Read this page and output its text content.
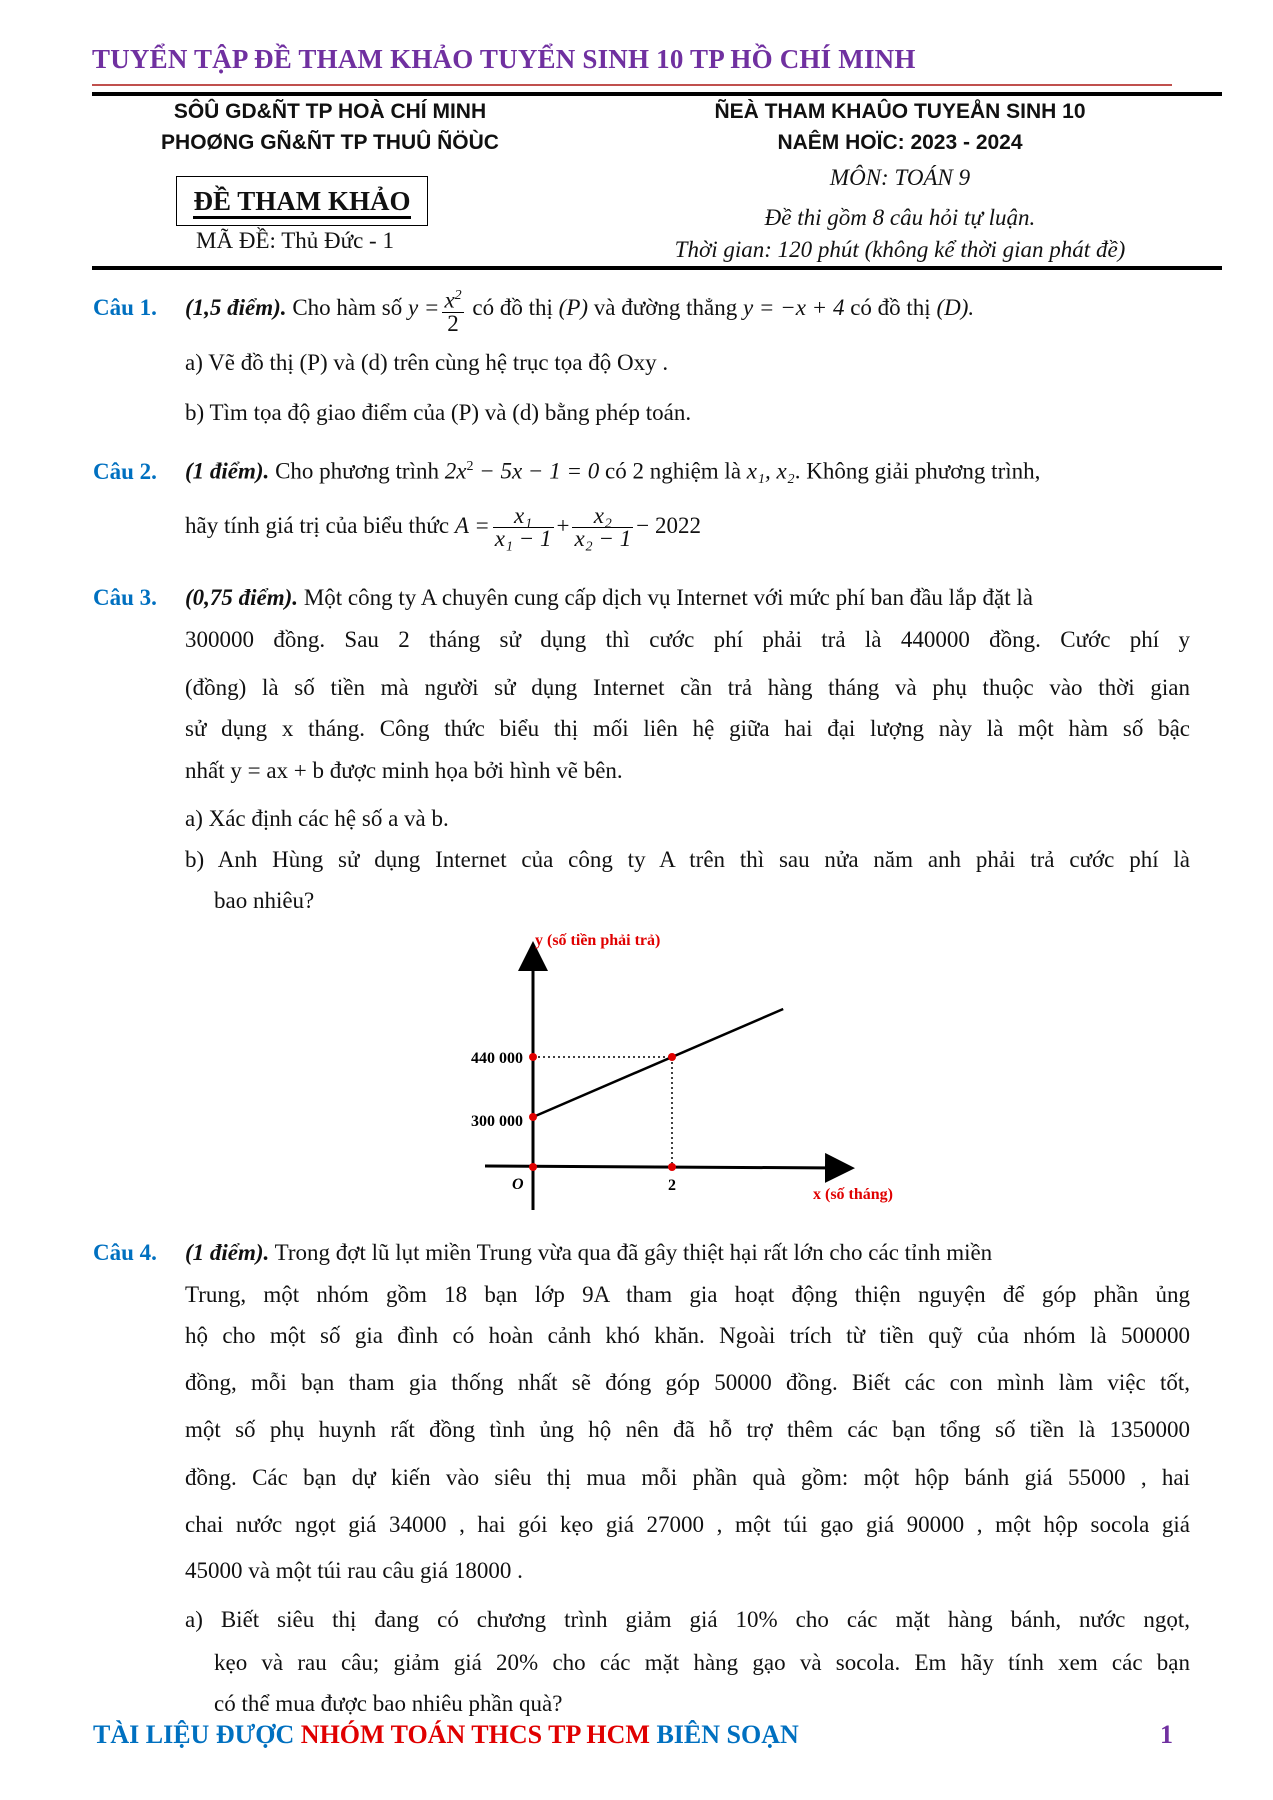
TUYỂN TẬP ĐỀ THAM KHẢO TUYỂN SINH 10 TP HỒ CHÍ MINH
SÔÛ GD&ÑT TP HOÀ CHÍ MINH
PHOØNG GÑ&ÑT TP THUÛ ÑÖÙC
ĐỀ THAM KHẢO
MÃ ĐỀ: Thủ Đức - 1
ÑEÀ THAM KHAÛO TUYEÅN SINH 10
NAÊM HOÏC: 2023 - 2024
MÔN: TOÁN 9
Đề thi gồm 8 câu hỏi tự luận.
Thời gian: 120 phút (không kể thời gian phát đề)
Câu 1. (1,5 điểm). Cho hàm số $y = \frac{x^2}{2}$ có đồ thị (P) và đường thẳng y = −x + 4 có đồ thị (D).
a) Vẽ đồ thị (P) và (d) trên cùng hệ trục tọa độ Oxy .
b) Tìm tọa độ giao điểm của (P) và (d) bằng phép toán.
Câu 2. (1 điểm). Cho phương trình $2x^2 - 5x - 1 = 0$ có 2 nghiệm là x₁, x₂. Không giải phương trình,
hãy tính giá trị của biểu thức $A = \frac{\text{x₁}}{\text{x₁ − 1}} + \frac{\text{x₂}}{\text{x₂ − 1}} - 2022$
Câu 3. (0,75 điểm). Một công ty A chuyên cung cấp dịch vụ Internet với mức phí ban đầu lắp đặt là
300000 đồng. Sau 2 tháng sử dụng thì cước phí phải trả là 440000 đồng. Cước phí y
(đồng) là số tiền mà người sử dụng Internet cần trả hàng tháng và phụ thuộc vào thời gian
sử dụng x tháng. Công thức biểu thị mối liên hệ giữa hai đại lượng này là một hàm số bậc
nhất y = ax + b được minh họa bởi hình vẽ bên.
a) Xác định các hệ số a và b.
b) Anh Hùng sử dụng Internet của công ty A trên thì sau nửa năm anh phải trả cước phí là
bao nhiêu?
y (số tiền phải trả)
x (số tháng)
O	2
300 000
440 000
Câu 4. (1 điểm). Trong đợt lũ lụt miền Trung vừa qua đã gây thiệt hại rất lớn cho các tỉnh miền
Trung, một nhóm gồm 18 bạn lớp 9A tham gia hoạt động thiện nguyện để góp phần ủng
hộ cho một số gia đình có hoàn cảnh khó khăn. Ngoài trích từ tiền quỹ của nhóm là 500000
đồng, mỗi bạn tham gia thống nhất sẽ đóng góp 50000 đồng. Biết các con mình làm việc tốt,
một số phụ huynh rất đồng tình ủng hộ nên đã hỗ trợ thêm các bạn tổng số tiền là 1350000
đồng. Các bạn dự kiến vào siêu thị mua mỗi phần quà gồm: một hộp bánh giá 55000 , hai
chai nước ngọt giá 34000 , hai gói kẹo giá 27000 , một túi gạo giá 90000 , một hộp socola giá
45000 và một túi rau câu giá 18000 .
a) Biết siêu thị đang có chương trình giảm giá 10% cho các mặt hàng bánh, nước ngọt,
kẹo và rau câu; giảm giá 20% cho các mặt hàng gạo và socola. Em hãy tính xem các bạn
có thể mua được bao nhiêu phần quà?
TÀI LIỆU ĐƯỢC NHÓM TOÁN THCS TP HCM BIÊN SOẠN	1
